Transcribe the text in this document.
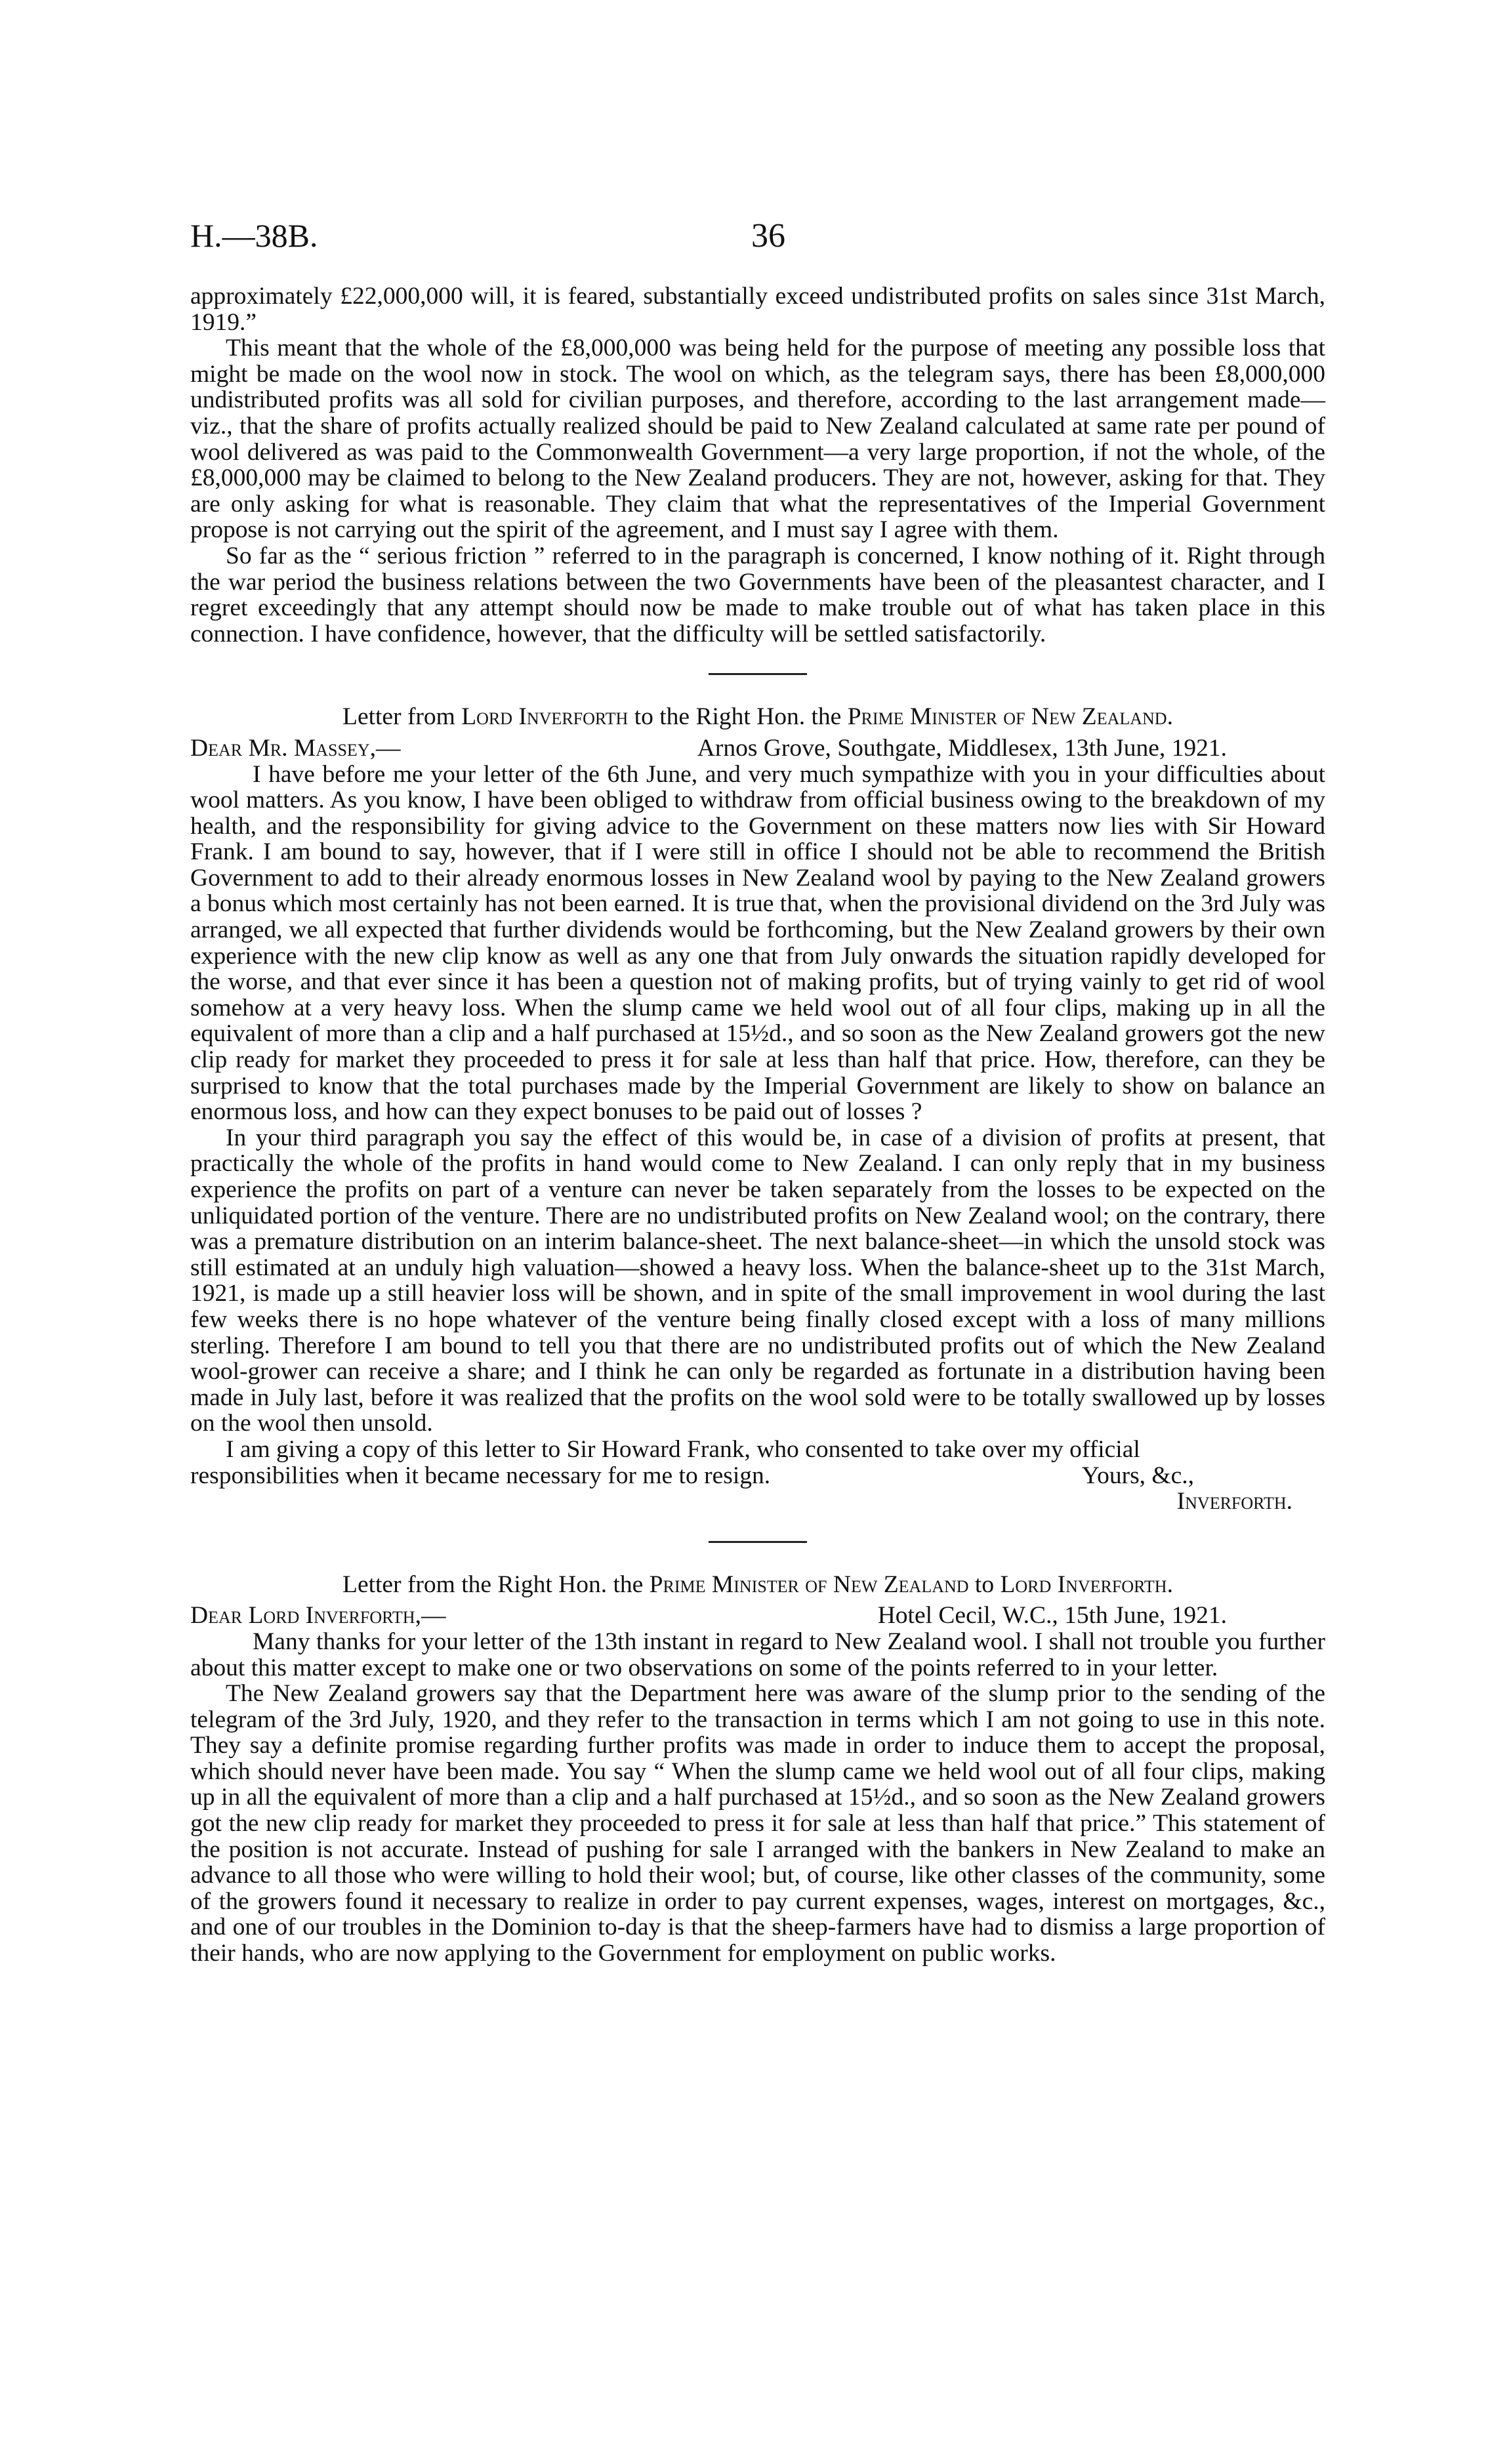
H.—38B.	36

approximately £22,000,000 will, it is feared, substantially exceed undistributed profits on sales since 31st March, 1919.”

This meant that the whole of the £8,000,000 was being held for the purpose of meeting any possible loss that might be made on the wool now in stock. The wool on which, as the telegram says, there has been £8,000,000 undistributed profits was all sold for civilian purposes, and therefore, according to the last arrangement made—viz., that the share of profits actually realized should be paid to New Zealand calculated at same rate per pound of wool delivered as was paid to the Commonwealth Government—a very large proportion, if not the whole, of the £8,000,000 may be claimed to belong to the New Zealand producers. They are not, however, asking for that. They are only asking for what is reasonable. They claim that what the representatives of the Imperial Government propose is not carrying out the spirit of the agreement, and I must say I agree with them.

So far as the “ serious friction ” referred to in the paragraph is concerned, I know nothing of it. Right through the war period the business relations between the two Governments have been of the pleasantest character, and I regret exceedingly that any attempt should now be made to make trouble out of what has taken place in this connection. I have confidence, however, that the difficulty will be settled satisfactorily.

Letter from Lord Inverforth to the Right Hon. the Prime Minister of New Zealand.

Dear Mr. Massey,—	Arnos Grove, Southgate, Middlesex, 13th June, 1921.

I have before me your letter of the 6th June, and very much sympathize with you in your difficulties about wool matters. As you know, I have been obliged to withdraw from official business owing to the breakdown of my health, and the responsibility for giving advice to the Government on these matters now lies with Sir Howard Frank. I am bound to say, however, that if I were still in office I should not be able to recommend the British Government to add to their already enormous losses in New Zealand wool by paying to the New Zealand growers a bonus which most certainly has not been earned. It is true that, when the provisional dividend on the 3rd July was arranged, we all expected that further dividends would be forthcoming, but the New Zealand growers by their own experience with the new clip know as well as any one that from July onwards the situation rapidly developed for the worse, and that ever since it has been a question not of making profits, but of trying vainly to get rid of wool somehow at a very heavy loss. When the slump came we held wool out of all four clips, making up in all the equivalent of more than a clip and a half purchased at 15½d., and so soon as the New Zealand growers got the new clip ready for market they proceeded to press it for sale at less than half that price. How, therefore, can they be surprised to know that the total purchases made by the Imperial Government are likely to show on balance an enormous loss, and how can they expect bonuses to be paid out of losses ?

In your third paragraph you say the effect of this would be, in case of a division of profits at present, that practically the whole of the profits in hand would come to New Zealand. I can only reply that in my business experience the profits on part of a venture can never be taken separately from the losses to be expected on the unliquidated portion of the venture. There are no undistributed profits on New Zealand wool; on the contrary, there was a premature distribution on an interim balance-sheet. The next balance-sheet—in which the unsold stock was still estimated at an unduly high valuation—showed a heavy loss. When the balance-sheet up to the 31st March, 1921, is made up a still heavier loss will be shown, and in spite of the small improvement in wool during the last few weeks there is no hope whatever of the venture being finally closed except with a loss of many millions sterling. Therefore I am bound to tell you that there are no undistributed profits out of which the New Zealand wool-grower can receive a share; and I think he can only be regarded as fortunate in a distribution having been made in July last, before it was realized that the profits on the wool sold were to be totally swallowed up by losses on the wool then unsold.

I am giving a copy of this letter to Sir Howard Frank, who consented to take over my official

responsibilities when it became necessary for me to resign.	Yours, &c.,

Inverforth.

Letter from the Right Hon. the Prime Minister of New Zealand to Lord Inverforth.

Dear Lord Inverforth,—	Hotel Cecil, W.C., 15th June, 1921.

Many thanks for your letter of the 13th instant in regard to New Zealand wool. I shall not trouble you further about this matter except to make one or two observations on some of the points referred to in your letter.

The New Zealand growers say that the Department here was aware of the slump prior to the sending of the telegram of the 3rd July, 1920, and they refer to the transaction in terms which I am not going to use in this note. They say a definite promise regarding further profits was made in order to induce them to accept the proposal, which should never have been made. You say “ When the slump came we held wool out of all four clips, making up in all the equivalent of more than a clip and a half purchased at 15½d., and so soon as the New Zealand growers got the new clip ready for market they proceeded to press it for sale at less than half that price.” This statement of the position is not accurate. Instead of pushing for sale I arranged with the bankers in New Zealand to make an advance to all those who were willing to hold their wool; but, of course, like other classes of the community, some of the growers found it necessary to realize in order to pay current expenses, wages, interest on mortgages, &c., and one of our troubles in the Dominion to-day is that the sheep-farmers have had to dismiss a large proportion of their hands, who are now applying to the Government for employment on public works.
